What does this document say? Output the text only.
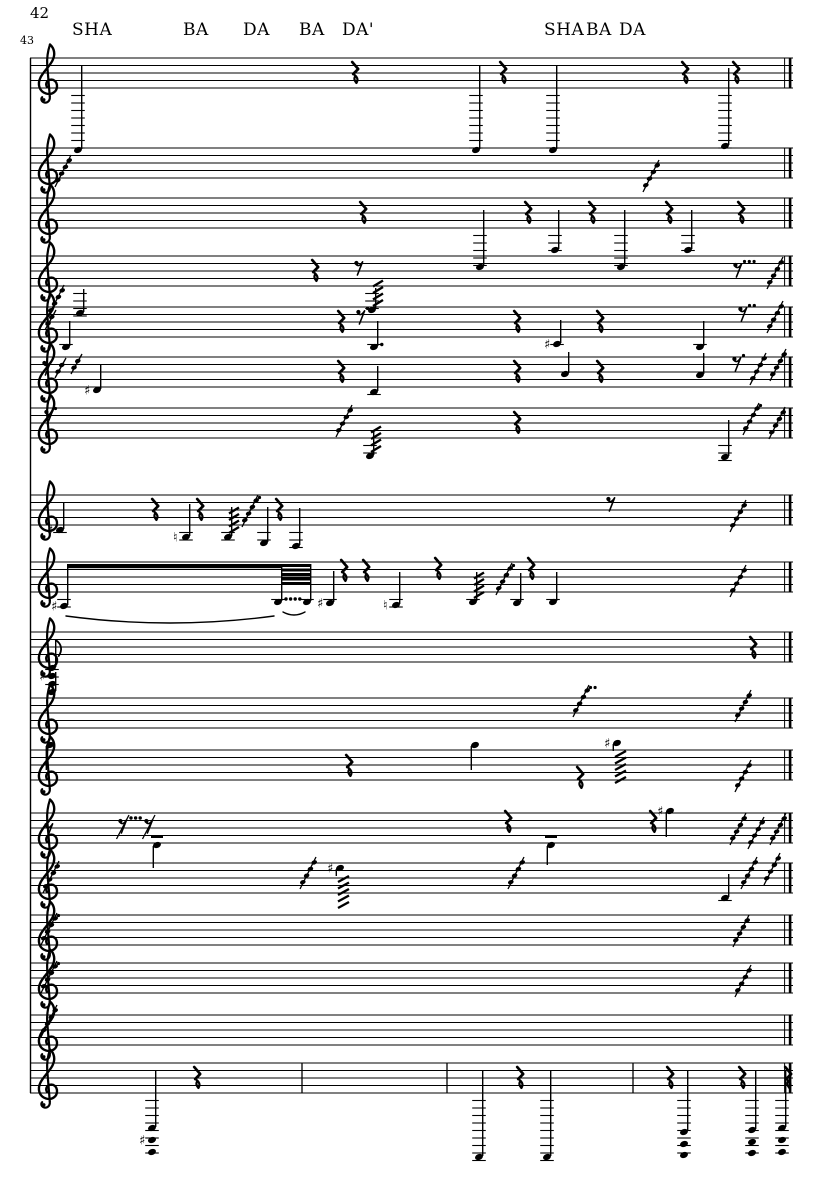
42
43
SHA	BA DA BA DA'	SHA BA DA
♯
♯
♯	♮
♯	♯	♮
♯
♯
♯
♯
♯
